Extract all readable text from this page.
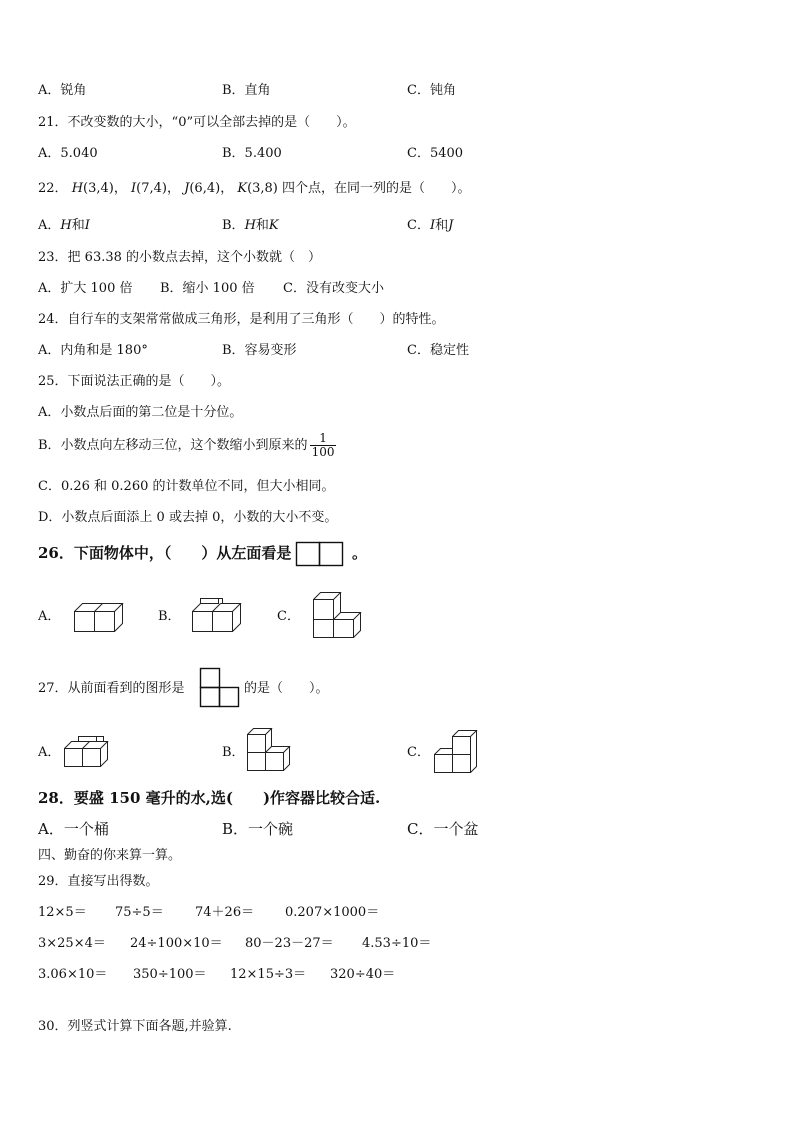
A．锐角	B．直角	C．钝角
21．不改变数的大小，“0”可以全部去掉的是（　　）。
A．5.040	B．5.400	C．5400
22． H(3,4)， I(7,4)， J(6,4)， K(3,8) 四个点，在同一列的是（　　）。
A．H和I	B．H和K	C．I和J
23．把 63.38 的小数点去掉，这个小数就（　）
A．扩大 100 倍 B．缩小 100 倍 C．没有改变大小
24．自行车的支架常常做成三角形，是利用了三角形（　　）的特性。
A．内角和是 180°	B．容易变形	C．稳定性
25．下面说法正确的是（　　）。
A．小数点后面的第二位是十分位。
B．小数点向左移动三位，这个数缩小到原来的 $\frac{1}{100}$
C．0.26 和 0.260 的计数单位不同，但大小相同。
D．小数点后面添上 0 或去掉 0，小数的大小不变。
26．下面物体中，（　　）从左面看是	。
A．	B．	C．
27．从前面看到的图形是	的是（　　）。
A．	B．	C．
28．要盛 150 毫升的水,选(　　)作容器比较合适.
A．一个桶	B．一个碗	C．一个盆
四、勤奋的你来算一算。
29．直接写出得数。
12×5＝ 75÷5＝ 74＋26＝ 0.207×1000＝
3×25×4＝ 24÷100×10＝ 80－23－27＝ 4.53÷10＝
3.06×10＝ 350÷100＝ 12×15÷3＝ 320÷40＝
30．列竖式计算下面各题,并验算.
